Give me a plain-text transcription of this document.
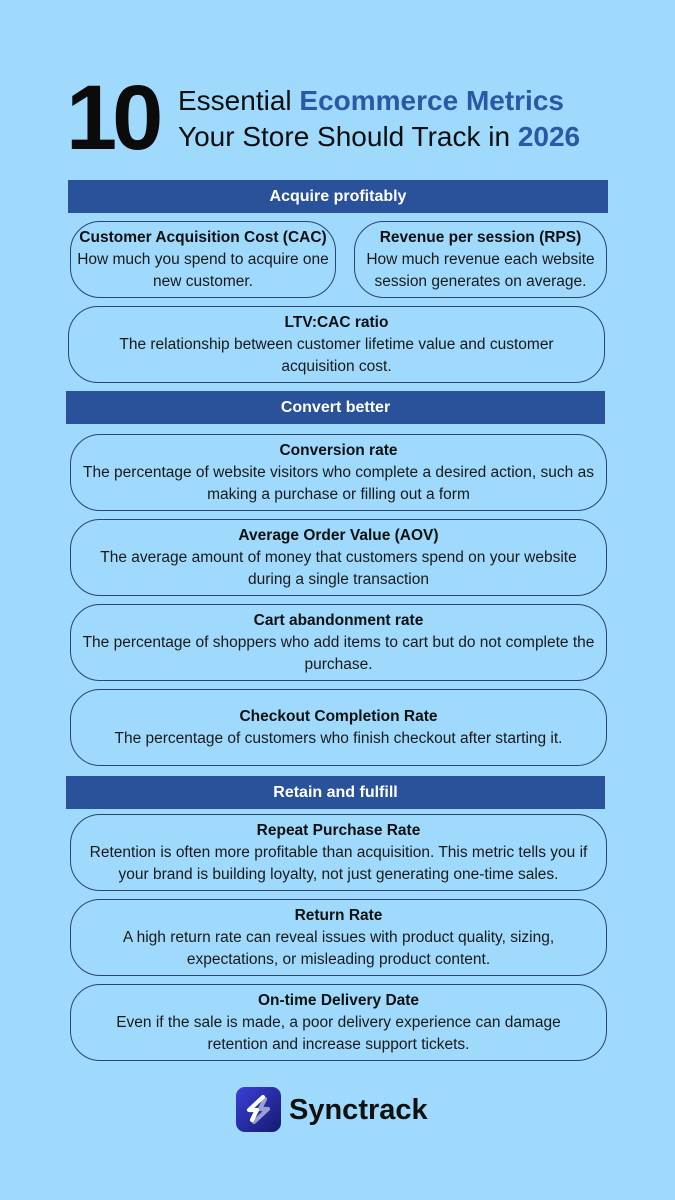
10 Essential Ecommerce Metrics
Your Store Should Track in 2026
Acquire profitably
Customer Acquisition Cost (CAC)
How much you spend to acquire one new customer.
Revenue per session (RPS)
How much revenue each website session generates on average.
LTV:CAC ratio
The relationship between customer lifetime value and customer acquisition cost.
Convert better
Conversion rate
The percentage of website visitors who complete a desired action, such as making a purchase or filling out a form
Average Order Value (AOV)
The average amount of money that customers spend on your website during a single transaction
Cart abandonment rate
The percentage of shoppers who add items to cart but do not complete the purchase.
Checkout Completion Rate
The percentage of customers who finish checkout after starting it.
Retain and fulfill
Repeat Purchase Rate
Retention is often more profitable than acquisition. This metric tells you if your brand is building loyalty, not just generating one-time sales.
Return Rate
A high return rate can reveal issues with product quality, sizing, expectations, or misleading product content.
On-time Delivery Date
Even if the sale is made, a poor delivery experience can damage retention and increase support tickets.
Synctrack
